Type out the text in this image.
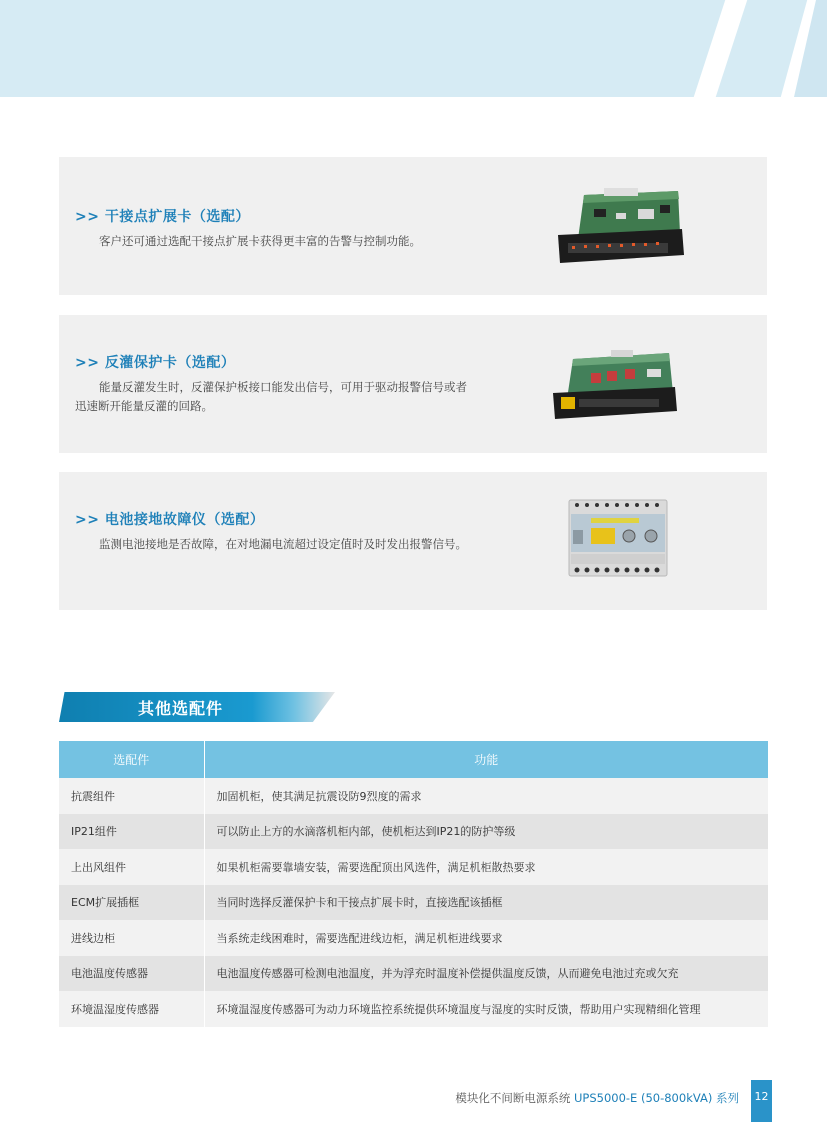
>> 干接点扩展卡（选配）
客户还可通过选配干接点扩展卡获得更丰富的告警与控制功能。
>> 反灌保护卡（选配）
能量反灌发生时，反灌保护板接口能发出信号，可用于驱动报警信号或者迅速断开能量反灌的回路。
>> 电池接地故障仪（选配）
监测电池接地是否故障，在对地漏电流超过设定值时及时发出报警信号。
其他选配件
选配件	功能
抗震组件	加固机柜，使其满足抗震设防9烈度的需求
IP21组件	可以防止上方的水滴落机柜内部，使机柜达到IP21的防护等级
上出风组件	如果机柜需要靠墙安装，需要选配顶出风选件，满足机柜散热要求
ECM扩展插框	当同时选择反灌保护卡和干接点扩展卡时，直接选配该插框
进线边柜	当系统走线困难时，需要选配进线边柜，满足机柜进线要求
电池温度传感器	电池温度传感器可检测电池温度，并为浮充时温度补偿提供温度反馈，从而避免电池过充或欠充
环境温湿度传感器	环境温湿度传感器可为动力环境监控系统提供环境温度与湿度的实时反馈，帮助用户实现精细化管理
模块化不间断电源系统 UPS5000-E (50-800kVA) 系列	12
